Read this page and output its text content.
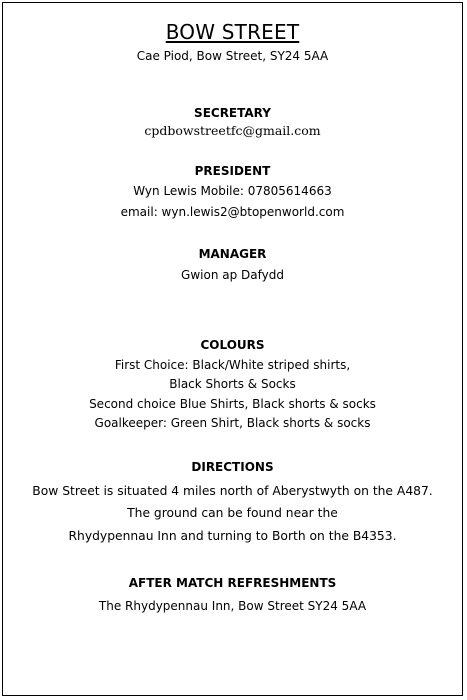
BOW STREET
Cae Piod, Bow Street, SY24 5AA
SECRETARY
cpdbowstreetfc@gmail.com
PRESIDENT
Wyn Lewis Mobile: 07805614663
email: wyn.lewis2@btopenworld.com
MANAGER
Gwion ap Dafydd
COLOURS
First Choice: Black/White striped shirts,
Black Shorts & Socks
Second choice Blue Shirts, Black shorts & socks
Goalkeeper: Green Shirt, Black shorts & socks
DIRECTIONS
Bow Street is situated 4 miles north of Aberystwyth on the A487.
The ground can be found near the
Rhydypennau Inn and turning to Borth on the B4353.
AFTER MATCH REFRESHMENTS
The Rhydypennau Inn, Bow Street SY24 5AA
